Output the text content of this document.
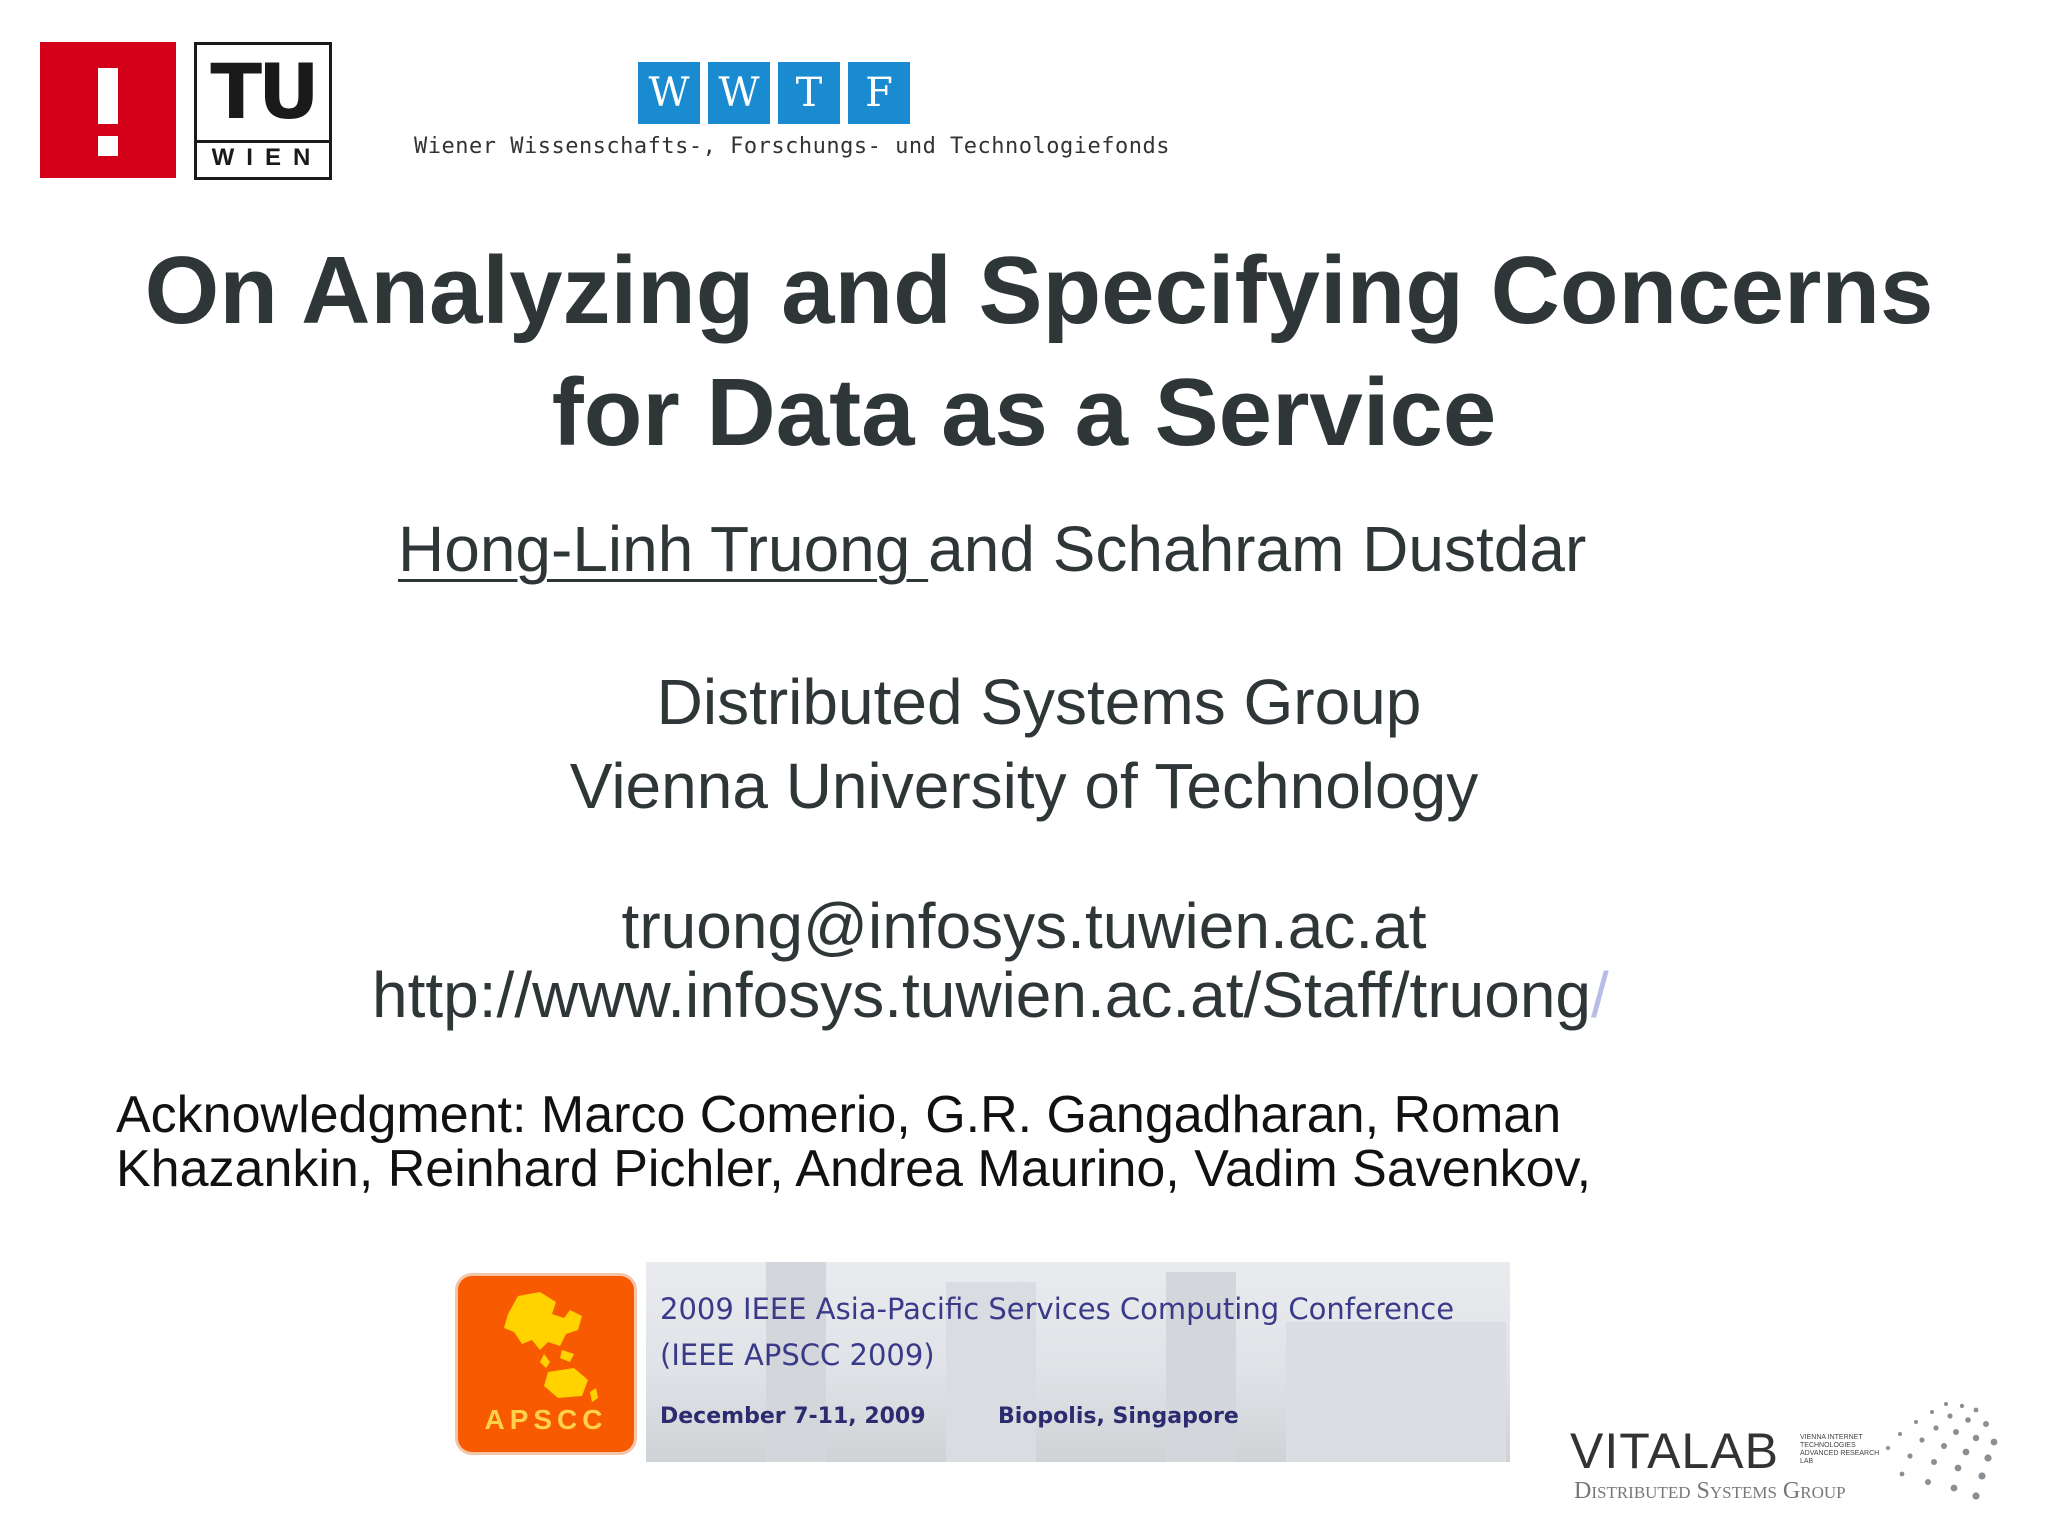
TU
WIEN
W W T	F
Wiener Wissenschafts-, Forschungs- und Technologiefonds
On Analyzing and Specifying Concerns
for Data as a Service
Hong-Linh Truong and Schahram Dustdar
Distributed Systems Group
Vienna University of Technology
truong@infosys.tuwien.ac.at
http://www.infosys.tuwien.ac.at/Staff/truong/
Acknowledgment: Marco Comerio, G.R. Gangadharan, Roman
Khazankin, Reinhard Pichler, Andrea Maurino, Vadim Savenkov,
APSCC
2009 IEEE Asia-Pacific Services Computing Conference
(IEEE APSCC 2009)
December 7-11, 2009	Biopolis, Singapore
VITALAB	VIENNA INTERNET TECHNOLOGIES ADVANCED RESEARCH LAB
Distributed Systems Group
